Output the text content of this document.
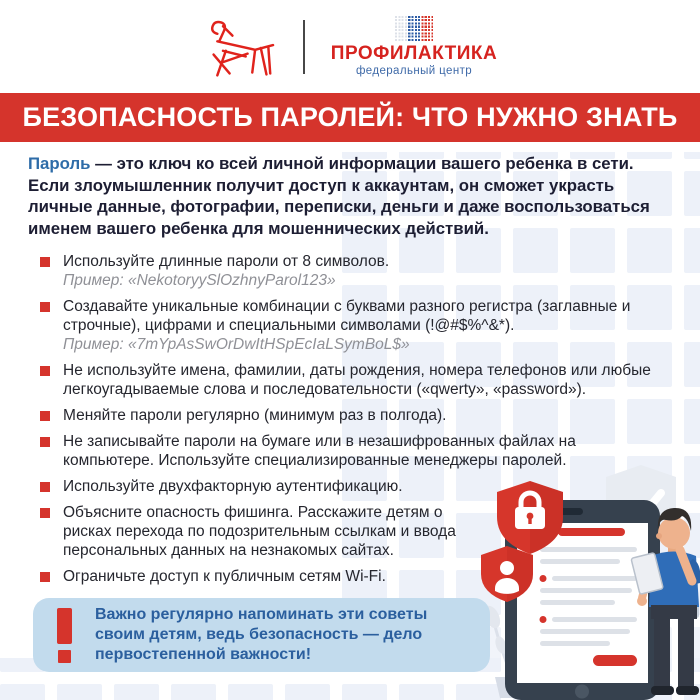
ПРОФИЛАКТИКА
федеральный центр
БЕЗОПАСНОСТЬ ПАРОЛЕЙ: ЧТО НУЖНО ЗНАТЬ

Пароль — это ключ ко всей личной информации вашего ребенка в сети. Если злоумышленник получит доступ к аккаунтам, он сможет украсть личные данные, фотографии, переписки, деньги и даже воспользоваться именем вашего ребенка для мошеннических действий.

Используйте длинные пароли от 8 символов.
Пример: «NekotoryySlOzhnyParol123»
Создавайте уникальные комбинации с буквами разного регистра (заглавные и строчные), цифрами и специальными символами (!@#$%^&*).
Пример: «7mYpAsSwOrDwItHSpEcIaLSymBoL$»
Не используйте имена, фамилии, даты рождения, номера телефонов или любые легкоугадываемые слова и последовательности («qwerty», «password»).
Меняйте пароли регулярно (минимум раз в полгода).
Не записывайте пароли на бумаге или в незашифрованных файлах на компьютере. Используйте специализированные менеджеры паролей.
Используйте двухфакторную аутентификацию.
Объясните опасность фишинга. Расскажите детям о рисках перехода по подозрительным ссылкам и ввода персональных данных на незнакомых сайтах.
Ограничьте доступ к публичным сетям Wi-Fi.
Важно регулярно напоминать эти советы своим детям, ведь безопасность — дело первостепенной важности!
